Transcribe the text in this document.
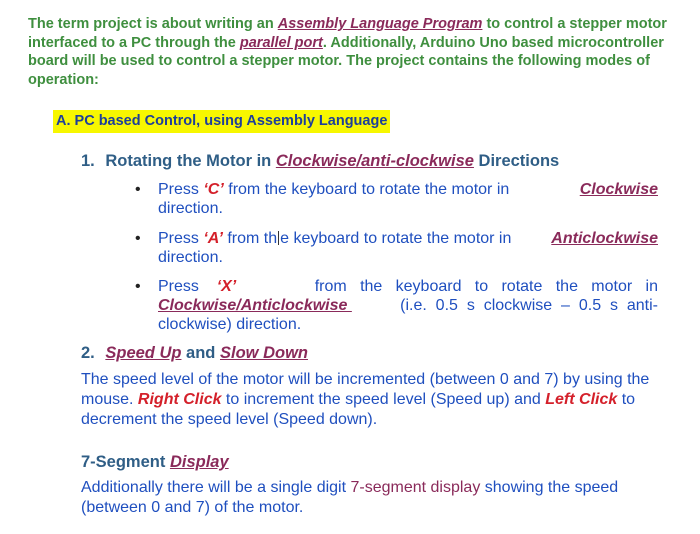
The term project is about writing an Assembly Language Program to control a stepper motor interfaced to a PC through the parallel port. Additionally, Arduino Uno based microcontroller board will be used to control a stepper motor. The project contains the following modes of operation:
A. PC based Control, using Assembly Language
1. Rotating the Motor in Clockwise/anti-clockwise Directions
• Press ‘C’ from the keyboard to rotate the motor in	Clockwise
direction.
• Press ‘A’ from th e keyboard to rotate the motor in Anticlockwise
direction.
• Press ‘X’	from   the   keyboard   to   rotate   the   motor   in
Clockwise/Anticlockwise	(i.e.  0.5  s  clockwise  –  0.5  s  anti-
clockwise) direction.
2. Speed Up and Slow Down
The speed level of the motor will be incremented (between 0 and 7) by using the mouse. Right Click to increment the speed level (Speed up) and Left Click to decrement the speed level (Speed down).
7-Segment Display
Additionally there will be a single digit 7-segment display showing the speed (between 0 and 7) of the motor.
